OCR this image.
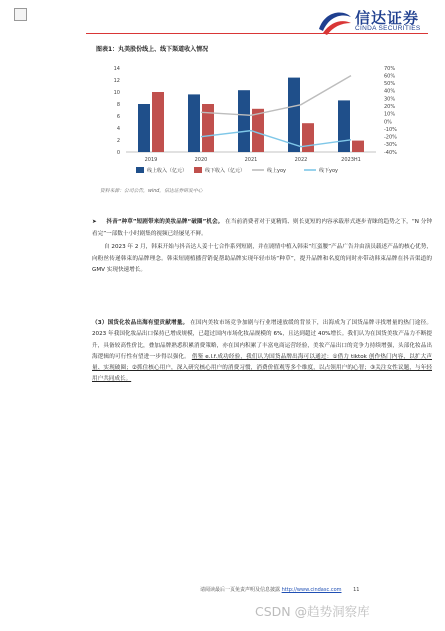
信达证券
CINDA SECURITIES
图表1：丸美股份线上、线下渠道收入情况
0
2
4
6
8
10
12
14
-40%
-30%
-20%
-10%
0%
10%
20%
30%
40%
50%
60%
70%
2019	2020	2021	2022	2023H1
线上收入（亿元）	线下收入（亿元）	线上yoy	线下yoy
资料来源：公司公告，wind，信达证券研发中心
➤ 抖音“种草”短剧带来的美妆品牌“破圈”机会。 在当前消费者对于更精简、则长更短的内容承载形式逐步青睐的趋势之下，“N 分钟看完”一部数十小时剧集的视频已经屡见不鲜。
自 2023 年 2 月，韩束开始与抖音达人姜十七合作系列短剧，并在剧情中植入韩束“红蛮腰”产品广告并由演员载述产品的核心优势，向粉丝传递韩束的品牌理念。韩束短剧植播营销促帮助品牌实现年轻市场“种草”，提升品牌和名度的同时亦带动韩束品牌在抖音渠道的 GMV 实现快速增长。
（3）国货化妆品出海有望贡献增量。 在国内美妆市场竞争加剧与行业增速放缓的背景下，出海成为了国货品牌寻找增量的热门途径。2023 年我国化妆品出口保持已增成规模，已超过国内市场化妆品规模的 6%，且达到超过 40%增长。我们认为在国货美妆产品力不断提升，具备较高性价比，叠加品牌熟悉积累消费策略，亦在国内积累了丰富电商运营经验，美妆产品出口的竞争力持续增强，头部化妆品出海逻辑的可行性有望进一步得以强化。 借鉴 e.l.f.成功经验，我们认为国货品牌出海可以通过：①借力 tiktok 创作热门内容，以扩大声量、实现破圈；②抓住核心用户，深入研究核心用户的消费习惯，消费价值观等多个维度，以占领用户的心智；③关注女性议题，与年轻用户共同成长。
请阅读最后一页免责声明及信息披露 http://www.cindasc.com 11
CSDN @趋势洞察库
